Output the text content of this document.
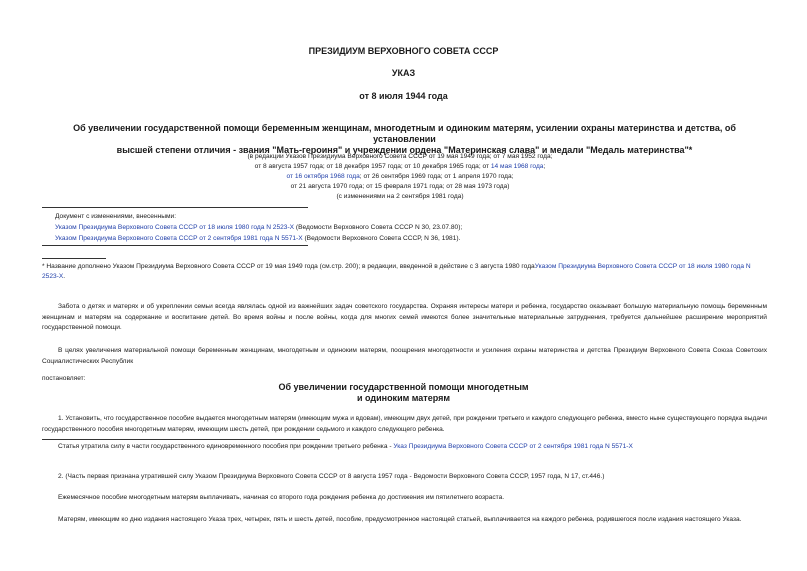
ПРЕЗИДИУМ ВЕРХОВНОГО СОВЕТА СССР
УКАЗ
от 8 июля 1944 года
Об увеличении государственной помощи беременным женщинам, многодетным и одиноким матерям, усилении охраны материнства и детства, об установлении
высшей степени отличия - звания "Мать-героиня" и учреждении ордена "Материнская слава" и медали "Медаль материнства"*
(в редакции Указов Президиума Верховного Совета СССР от 19 мая 1949 года; от 7 мая 1952 года;
от 8 августа 1957 года; от 18 декабря 1957 года; от 10 декабря 1965 года; от 14 мая 1968 года;
от 16 октября 1968 года; от 26 сентября 1969 года; от 1 апреля 1970 года;
от 21 августа 1970 года; от 15 февраля 1971 года; от 28 мая 1973 года)
(с изменениями на 2 сентября 1981 года)
Документ с изменениями, внесенными:
Указом Президиума Верховного Совета СССР от 18 июля 1980 года N 2523-X (Ведомости Верховного Совета СССР N 30, 23.07.80);
Указом Президиума Верховного Совета СССР от 2 сентября 1981 года N 5571-X (Ведомости Верховного Совета СССР, N 36, 1981).
* Название дополнено Указом Президиума Верховного Совета СССР от 19 мая 1949 года (см.стр. 200); в редакции, введенной в действие с 3 августа 1980 годаУказом Президиума Верховного Совета СССР от 18 июля 1980 года N 2523-X.
Забота о детях и матерях и об укреплении семьи всегда являлась одной из важнейших задач советского государства. Охраняя интересы матери и ребенка, государство оказывает большую материальную помощь беременным женщинам и матерям на содержание и воспитание детей. Во время войны и после войны, когда для многих семей имеются более значительные материальные затруднения, требуется дальнейшее расширение мероприятий государственной помощи.
В целях увеличения материальной помощи беременным женщинам, многодетным и одиноким матерям, поощрения многодетности и усиления охраны материнства и детства Президиум Верховного Совета Союза Советских Социалистических Республик
постановляет:
Об увеличении государственной помощи многодетным
и одиноким матерям
1. Установить, что государственное пособие выдается многодетным матерям (имеющим мужа и вдовам), имеющим двух детей, при рождении третьего и каждого следующего ребенка, вместо ныне существующего порядка выдачи государственного пособия многодетным матерям, имеющим шесть детей, при рождении седьмого и каждого следующего ребенка.
Статья утратила силу в части государственного единовременного пособия при рождении третьего ребенка - Указ Президиума Верховного Совета СССР от 2 сентября 1981 года N 5571-X
2. (Часть первая признана утратившей силу Указом Президиума Верховного Совета СССР от 8 августа 1957 года - Ведомости Верховного Совета СССР, 1957 года, N 17, ст.446.)
Ежемесячное пособие многодетным матерям выплачивать, начиная со второго года рождения ребенка до достижения им пятилетнего возраста.
Матерям, имеющим ко дню издания настоящего Указа трех, четырех, пять и шесть детей, пособие, предусмотренное настоящей статьей, выплачивается на каждого ребенка, родившегося после издания настоящего Указа.
